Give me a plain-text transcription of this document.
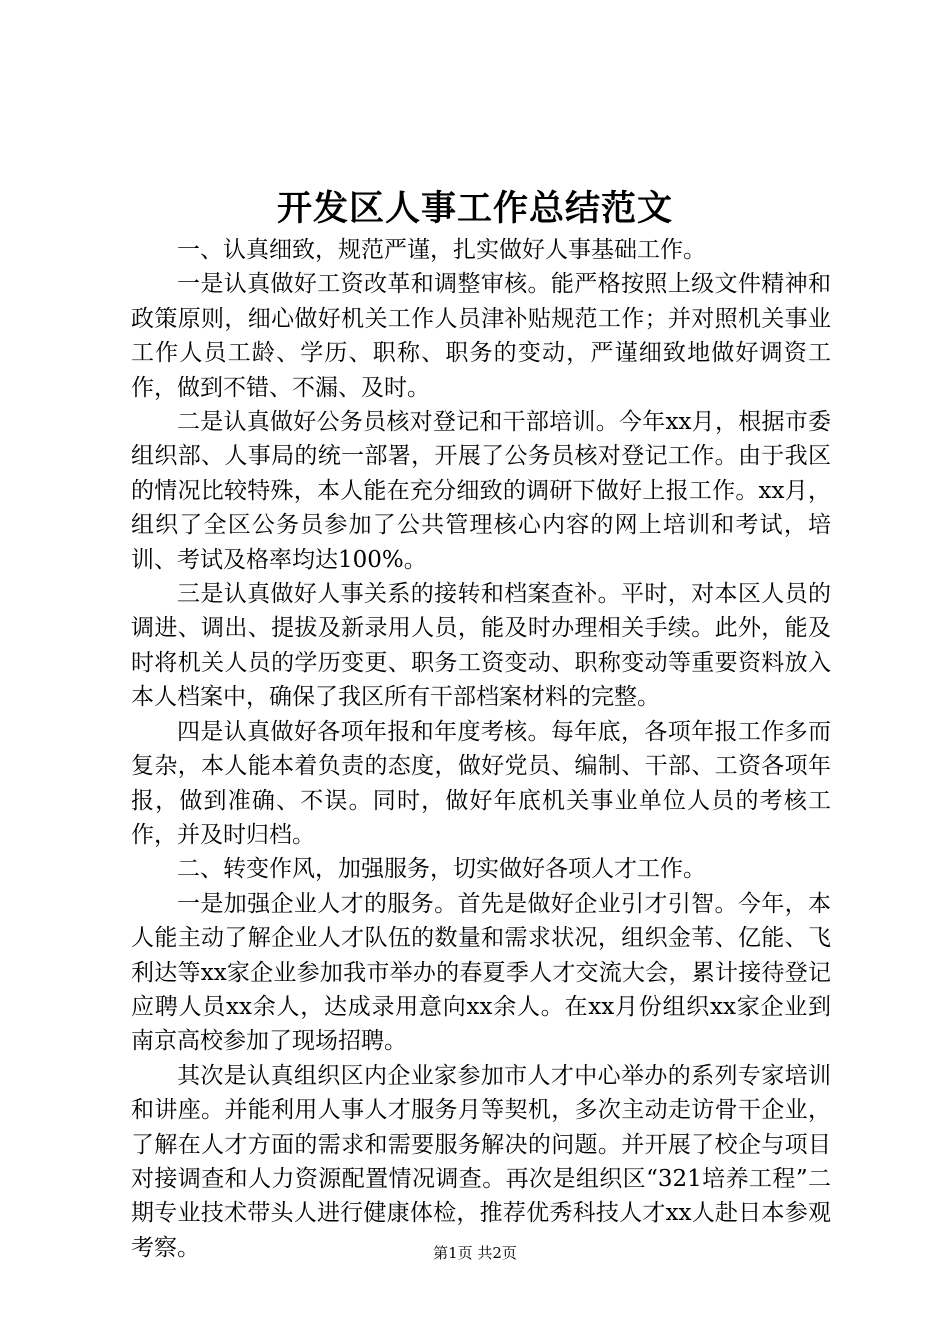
开发区人事工作总结范文

一、认真细致，规范严谨，扎实做好人事基础工作。

一是认真做好工资改革和调整审核。能严格按照上级文件精神和政策原则，细心做好机关工作人员津补贴规范工作；并对照机关事业工作人员工龄、学历、职称、职务的变动，严谨细致地做好调资工作，做到不错、不漏、及时。

二是认真做好公务员核对登记和干部培训。今年xx月，根据市委组织部、人事局的统一部署，开展了公务员核对登记工作。由于我区的情况比较特殊，本人能在充分细致的调研下做好上报工作。xx月，组织了全区公务员参加了公共管理核心内容的网上培训和考试，培训、考试及格率均达100%。

三是认真做好人事关系的接转和档案查补。平时，对本区人员的调进、调出、提拔及新录用人员，能及时办理相关手续。此外，能及时将机关人员的学历变更、职务工资变动、职称变动等重要资料放入本人档案中，确保了我区所有干部档案材料的完整。

四是认真做好各项年报和年度考核。每年底，各项年报工作多而复杂，本人能本着负责的态度，做好党员、编制、干部、工资各项年报，做到准确、不误。同时，做好年底机关事业单位人员的考核工作，并及时归档。

二、转变作风，加强服务，切实做好各项人才工作。

一是加强企业人才的服务。首先是做好企业引才引智。今年，本人能主动了解企业人才队伍的数量和需求状况，组织金苇、亿能、飞利达等xx家企业参加我市举办的春夏季人才交流大会，累计接待登记应聘人员xx余人，达成录用意向xx余人。在xx月份组织xx家企业到南京高校参加了现场招聘。

其次是认真组织区内企业家参加市人才中心举办的系列专家培训和讲座。并能利用人事人才服务月等契机，多次主动走访骨干企业，了解在人才方面的需求和需要服务解决的问题。并开展了校企与项目对接调查和人力资源配置情况调查。再次是组织区“321培养工程”二期专业技术带头人进行健康体检，推荐优秀科技人才xx人赴日本参观考察。	第1页 共2页
